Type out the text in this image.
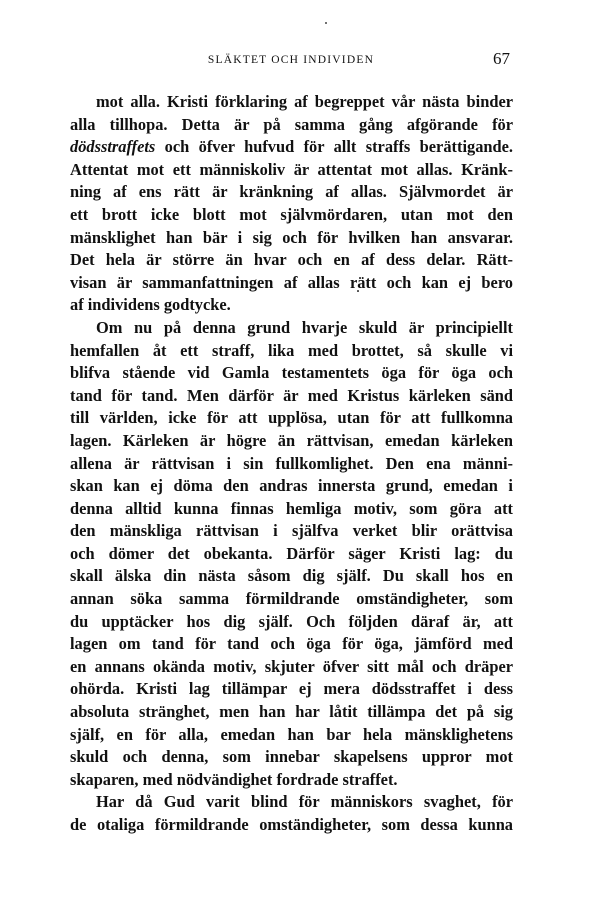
SLÄKTET OCH INDIVIDEN	67
mot alla. Kristi förklaring af begreppet vår nästa binder
alla tillhopa. Detta är på samma gång afgörande för
dödsstraffets och öfver hufvud för allt straffs berättigande.
Attentat mot ett människoliv är attentat mot allas. Kränk-
ning af ens rätt är kränkning af allas. Självmordet är
ett brott icke blott mot självmördaren, utan mot den
mänsklighet han bär i sig och för hvilken han ansvarar.
Det hela är större än hvar och en af dess delar. Rätt-
visan är sammanfattningen af allas rätt och kan ej bero
af individens godtycke.
Om nu på denna grund hvarje skuld är principiellt
hemfallen åt ett straff, lika med brottet, så skulle vi
blifva stående vid Gamla testamentets öga för öga och
tand för tand. Men därför är med Kristus kärleken sänd
till världen, icke för att upplösa, utan för att fullkomna
lagen. Kärleken är högre än rättvisan, emedan kärleken
allena är rättvisan i sin fullkomlighet. Den ena männi-
skan kan ej döma den andras innersta grund, emedan i
denna alltid kunna finnas hemliga motiv, som göra att
den mänskliga rättvisan i själfva verket blir orättvisa
och dömer det obekanta. Därför säger Kristi lag: du
skall älska din nästa såsom dig själf. Du skall hos en
annan söka samma förmildrande omständigheter, som
du upptäcker hos dig själf. Och följden däraf är, att
lagen om tand för tand och öga för öga, jämförd med
en annans okända motiv, skjuter öfver sitt mål och dräper
ohörda. Kristi lag tillämpar ej mera dödsstraffet i dess
absoluta stränghet, men han har låtit tillämpa det på sig
själf, en för alla, emedan han bar hela mänsklighetens
skuld och denna, som innebar skapelsens uppror mot
skaparen, med nödvändighet fordrade straffet.
Har då Gud varit blind för människors svaghet, för
de otaliga förmildrande omständigheter, som dessa kunna
